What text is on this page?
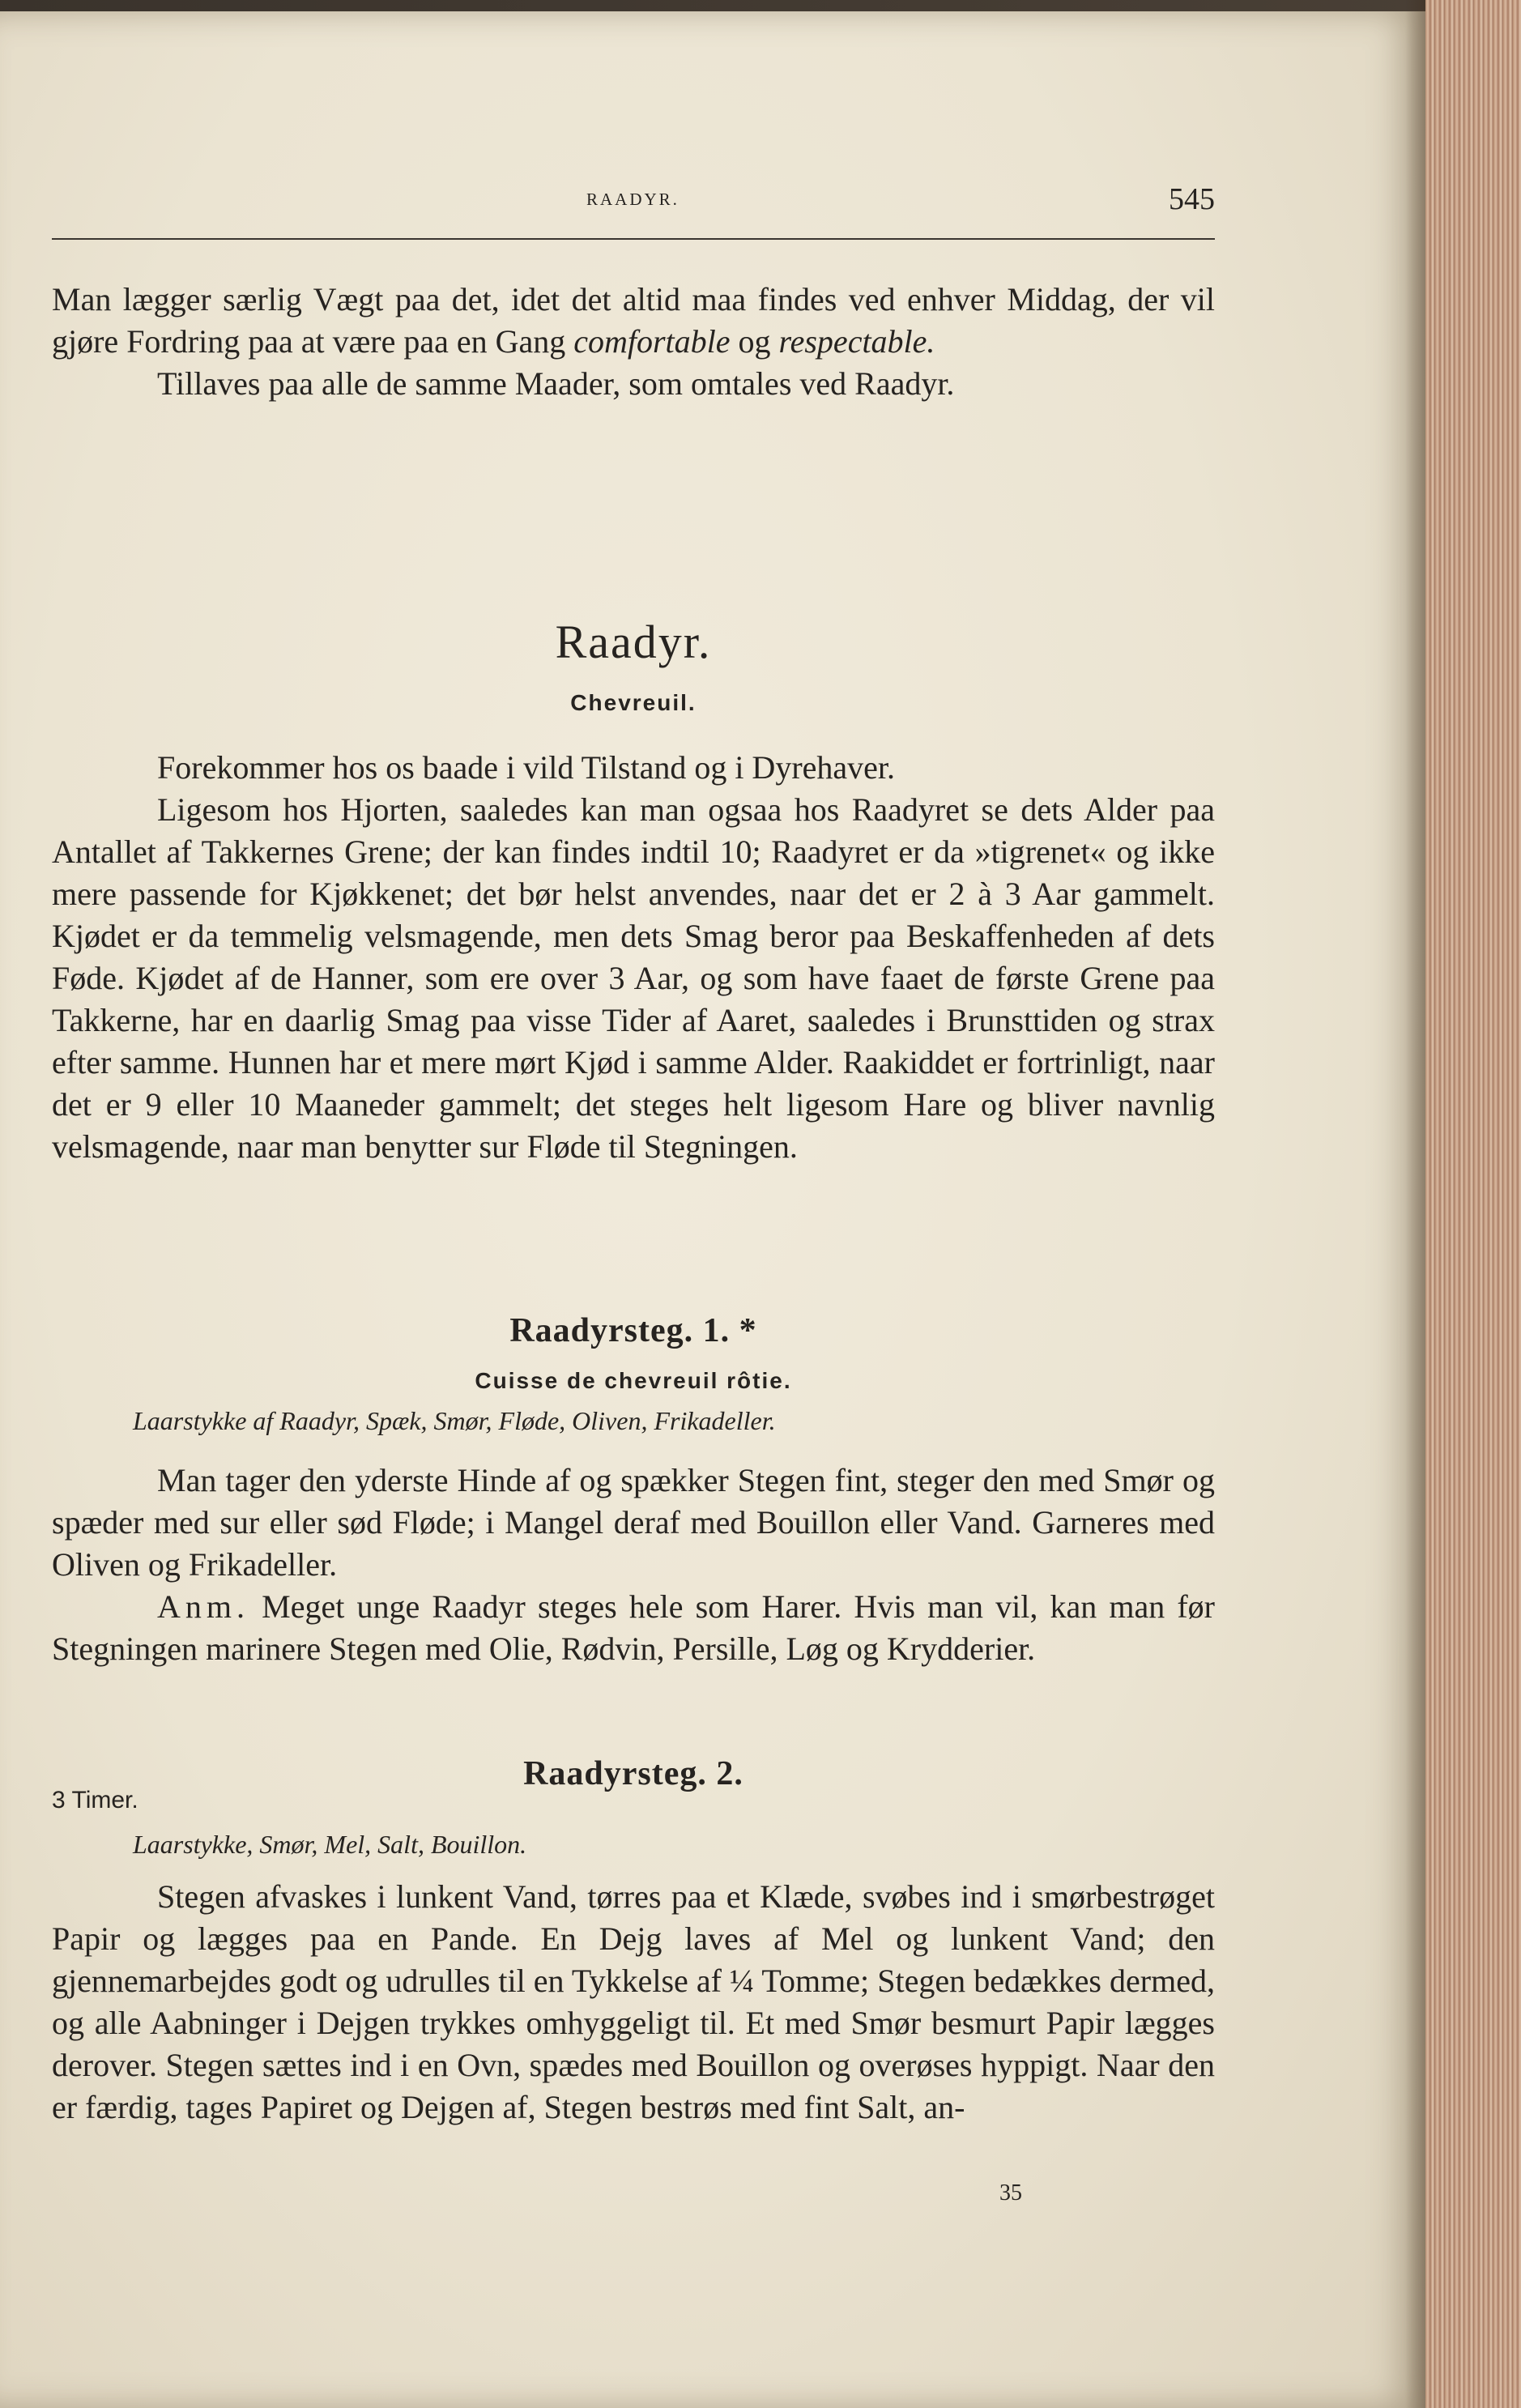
RAADYR.	545

Man lægger særlig Vægt paa det, idet det altid maa findes ved enhver Middag, der vil gjøre Fordring paa at være paa en Gang comfortable og respectable.

Tillaves paa alle de samme Maader, som omtales ved Raadyr.

Raadyr.
Chevreuil.

Forekommer hos os baade i vild Tilstand og i Dyrehaver.

Ligesom hos Hjorten, saaledes kan man ogsaa hos Raadyret se dets Alder paa Antallet af Takkernes Grene; der kan findes indtil 10; Raadyret er da »tigrenet« og ikke mere passende for Kjøkkenet; det bør helst anvendes, naar det er 2 à 3 Aar gammelt. Kjødet er da temmelig velsmagende, men dets Smag beror paa Beskaffenheden af dets Føde. Kjødet af de Hanner, som ere over 3 Aar, og som have faaet de første Grene paa Takkerne, har en daarlig Smag paa visse Tider af Aaret, saaledes i Brunsttiden og strax efter samme. Hunnen har et mere mørt Kjød i samme Alder. Raakiddet er fortrinligt, naar det er 9 eller 10 Maaneder gammelt; det steges helt ligesom Hare og bliver navnlig velsmagende, naar man benytter sur Fløde til Stegningen.

Raadyrsteg. 1. *
Cuisse de chevreuil rôtie.
Laarstykke af Raadyr, Spæk, Smør, Fløde, Oliven, Frikadeller.

Man tager den yderste Hinde af og spækker Stegen fint, steger den med Smør og spæder med sur eller sød Fløde; i Mangel deraf med Bouillon eller Vand. Garneres med Oliven og Frikadeller.

Anm. Meget unge Raadyr steges hele som Harer. Hvis man vil, kan man før Stegningen marinere Stegen med Olie, Rødvin, Persille, Løg og Krydderier.

Raadyrsteg. 2.
3 Timer.
Laarstykke, Smør, Mel, Salt, Bouillon.

Stegen afvaskes i lunkent Vand, tørres paa et Klæde, svøbes ind i smørbestrøget Papir og lægges paa en Pande. En Dejg laves af Mel og lunkent Vand; den gjennemarbejdes godt og udrulles til en Tykkelse af ¼ Tomme; Stegen bedækkes dermed, og alle Aabninger i Dejgen trykkes omhyggeligt til. Et med Smør besmurt Papir lægges derover. Stegen sættes ind i en Ovn, spædes med Bouillon og overøses hyppigt. Naar den er færdig, tages Papiret og Dejgen af, Stegen bestrøs med fint Salt, an-

35
